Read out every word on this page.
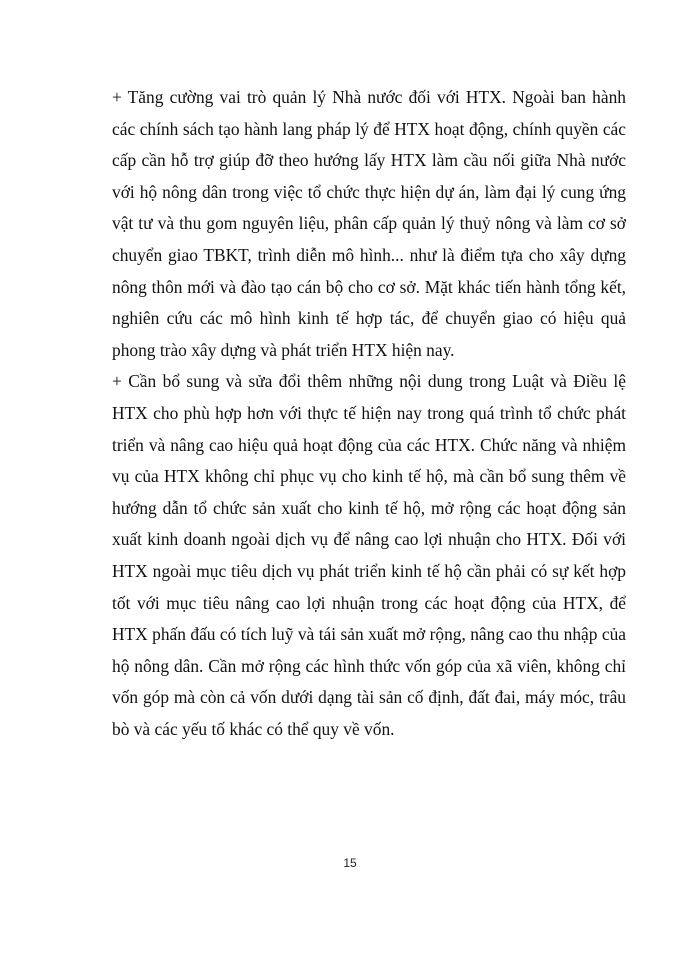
+ Tăng cường vai trò quản lý Nhà nước đối với HTX. Ngoài ban hành các chính sách tạo hành lang pháp lý để HTX hoạt động, chính quyền các cấp cần hỗ trợ giúp đỡ theo hướng lấy HTX làm cầu nối giữa Nhà nước với hộ nông dân trong việc tổ chức thực hiện dự án, làm đại lý cung ứng vật tư và thu gom nguyên liệu, phân cấp quản lý thuỷ nông và làm cơ sở chuyển giao TBKT, trình diễn mô hình... như là điểm tựa cho xây dựng nông thôn mới và đào tạo cán bộ cho cơ sở. Mặt khác tiến hành tổng kết, nghiên cứu các mô hình kinh tế hợp tác, để chuyển giao có hiệu quả phong trào xây dựng và phát triển HTX hiện nay.

+ Cần bổ sung và sửa đổi thêm những nội dung trong Luật và Điều lệ HTX cho phù hợp hơn với thực tế hiện nay trong quá trình tổ chức phát triển và nâng cao hiệu quả hoạt động của các HTX. Chức năng và nhiệm vụ của HTX không chỉ phục vụ cho kinh tế hộ, mà cần bổ sung thêm về hướng dẫn tổ chức sản xuất cho kinh tế hộ, mở rộng các hoạt động sản xuất kinh doanh ngoài dịch vụ để nâng cao lợi nhuận cho HTX. Đối với HTX ngoài mục tiêu dịch vụ phát triển kinh tế hộ cần phải có sự kết hợp tốt với mục tiêu nâng cao lợi nhuận trong các hoạt động của HTX, để HTX phấn đấu có tích luỹ và tái sản xuất mở rộng, nâng cao thu nhập của hộ nông dân. Cần mở rộng các hình thức vốn góp của xã viên, không chỉ vốn góp mà còn cả vốn dưới dạng tài sản cố định, đất đai, máy móc, trâu bò và các yếu tố khác có thể quy về vốn.

15
